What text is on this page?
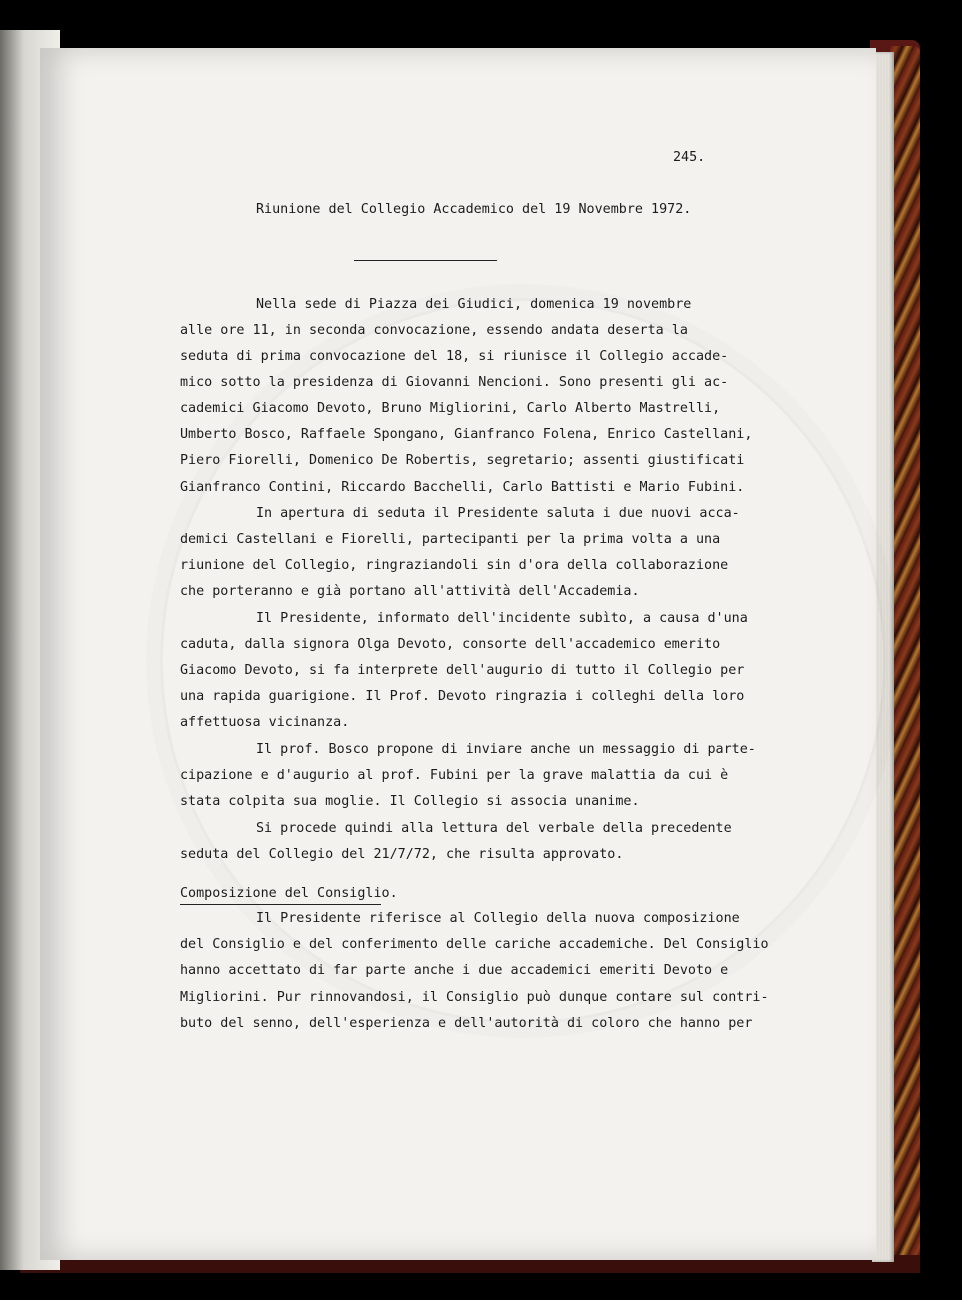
245.
Riunione del Collegio Accademico del 19 Novembre 1972.
Nella sede di Piazza dei Giudici, domenica 19 novembre
alle ore 11, in seconda convocazione, essendo andata deserta la
seduta di prima convocazione del 18, si riunisce il Collegio accade-
mico sotto la presidenza di Giovanni Nencioni. Sono presenti gli ac-
cademici Giacomo Devoto, Bruno Migliorini, Carlo Alberto Mastrelli,
Umberto Bosco, Raffaele Spongano, Gianfranco Folena, Enrico Castellani,
Piero Fiorelli, Domenico De Robertis, segretario; assenti giustificati
Gianfranco Contini, Riccardo Bacchelli, Carlo Battisti e Mario Fubini.
In apertura di seduta il Presidente saluta i due nuovi acca-
demici Castellani e Fiorelli, partecipanti per la prima volta a una
riunione del Collegio, ringraziandoli sin d'ora della collaborazione
che porteranno e già portano all'attività dell'Accademia.
Il Presidente, informato dell'incidente subìto, a causa d'una
caduta, dalla signora Olga Devoto, consorte dell'accademico emerito
Giacomo Devoto, si fa interprete dell'augurio di tutto il Collegio per
una rapida guarigione. Il Prof. Devoto ringrazia i colleghi della loro
affettuosa vicinanza.
Il prof. Bosco propone di inviare anche un messaggio di parte-
cipazione e d'augurio al prof. Fubini per la grave malattia da cui è
stata colpita sua moglie. Il Collegio si associa unanime.
Si procede quindi alla lettura del verbale della precedente
seduta del Collegio del 21/7/72, che risulta approvato.
Composizione del Consiglio.
Il Presidente riferisce al Collegio della nuova composizione
del Consiglio e del conferimento delle cariche accademiche. Del Consiglio
hanno accettato di far parte anche i due accademici emeriti Devoto e
Migliorini. Pur rinnovandosi, il Consiglio può dunque contare sul contri-
buto del senno, dell'esperienza e dell'autorità di coloro che hanno per
